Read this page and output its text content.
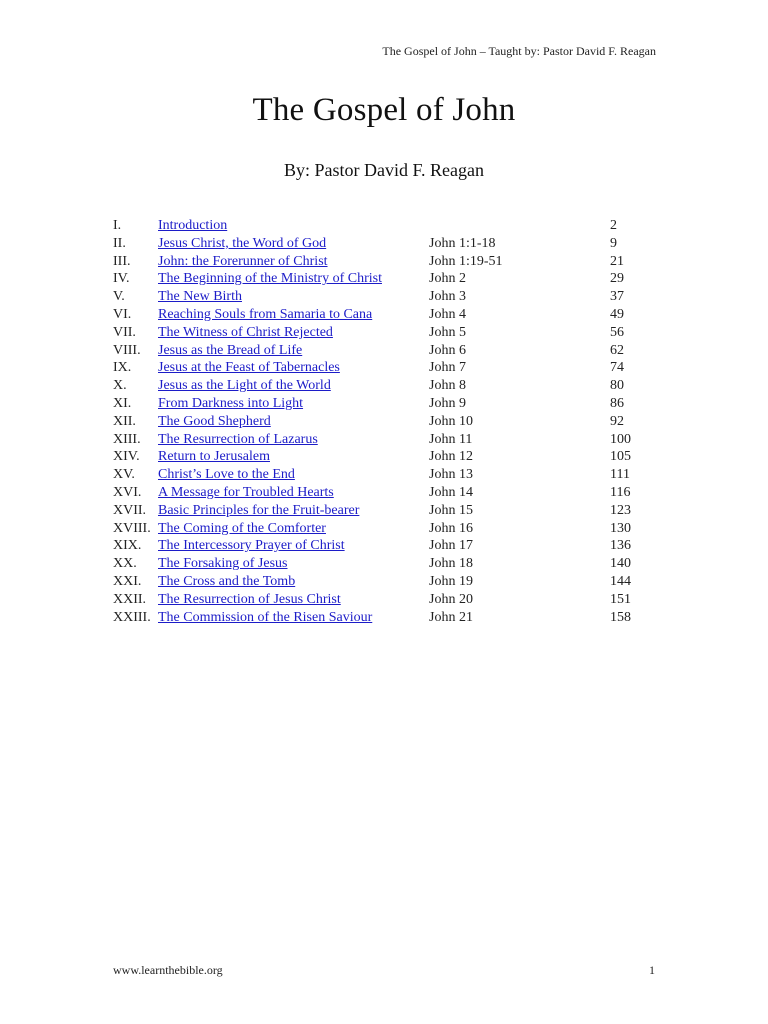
The Gospel of John – Taught by: Pastor David F. Reagan
The Gospel of John
By: Pastor David F. Reagan
I.	Introduction	2
II. Jesus Christ, the Word of God	John 1:1-18	9
III. John: the Forerunner of Christ	John 1:19-51	21
IV. The Beginning of the Ministry of Christ	John 2	29
V. The New Birth	John 3	37
VI. Reaching Souls from Samaria to Cana	John 4	49
VII. The Witness of Christ Rejected	John 5	56
VIII. Jesus as the Bread of Life	John 6	62
IX. Jesus at the Feast of Tabernacles	John 7	74
X. Jesus as the Light of the World	John 8	80
XI. From Darkness into Light	John 9	86
XII. The Good Shepherd	John 10	92
XIII. The Resurrection of Lazarus	John 11	100
XIV. Return to Jerusalem	John 12	105
XV. Christ’s Love to the End	John 13	111
XVI. A Message for Troubled Hearts	John 14	116
XVII. Basic Principles for the Fruit-bearer	John 15	123
XVIII. The Coming of the Comforter	John 16	130
XIX. The Intercessory Prayer of Christ	John 17	136
XX. The Forsaking of Jesus	John 18	140
XXI. The Cross and the Tomb	John 19	144
XXII. The Resurrection of Jesus Christ	John 20	151
XXIII. The Commission of the Risen Saviour	John 21	158
www.learnthebible.org	1
